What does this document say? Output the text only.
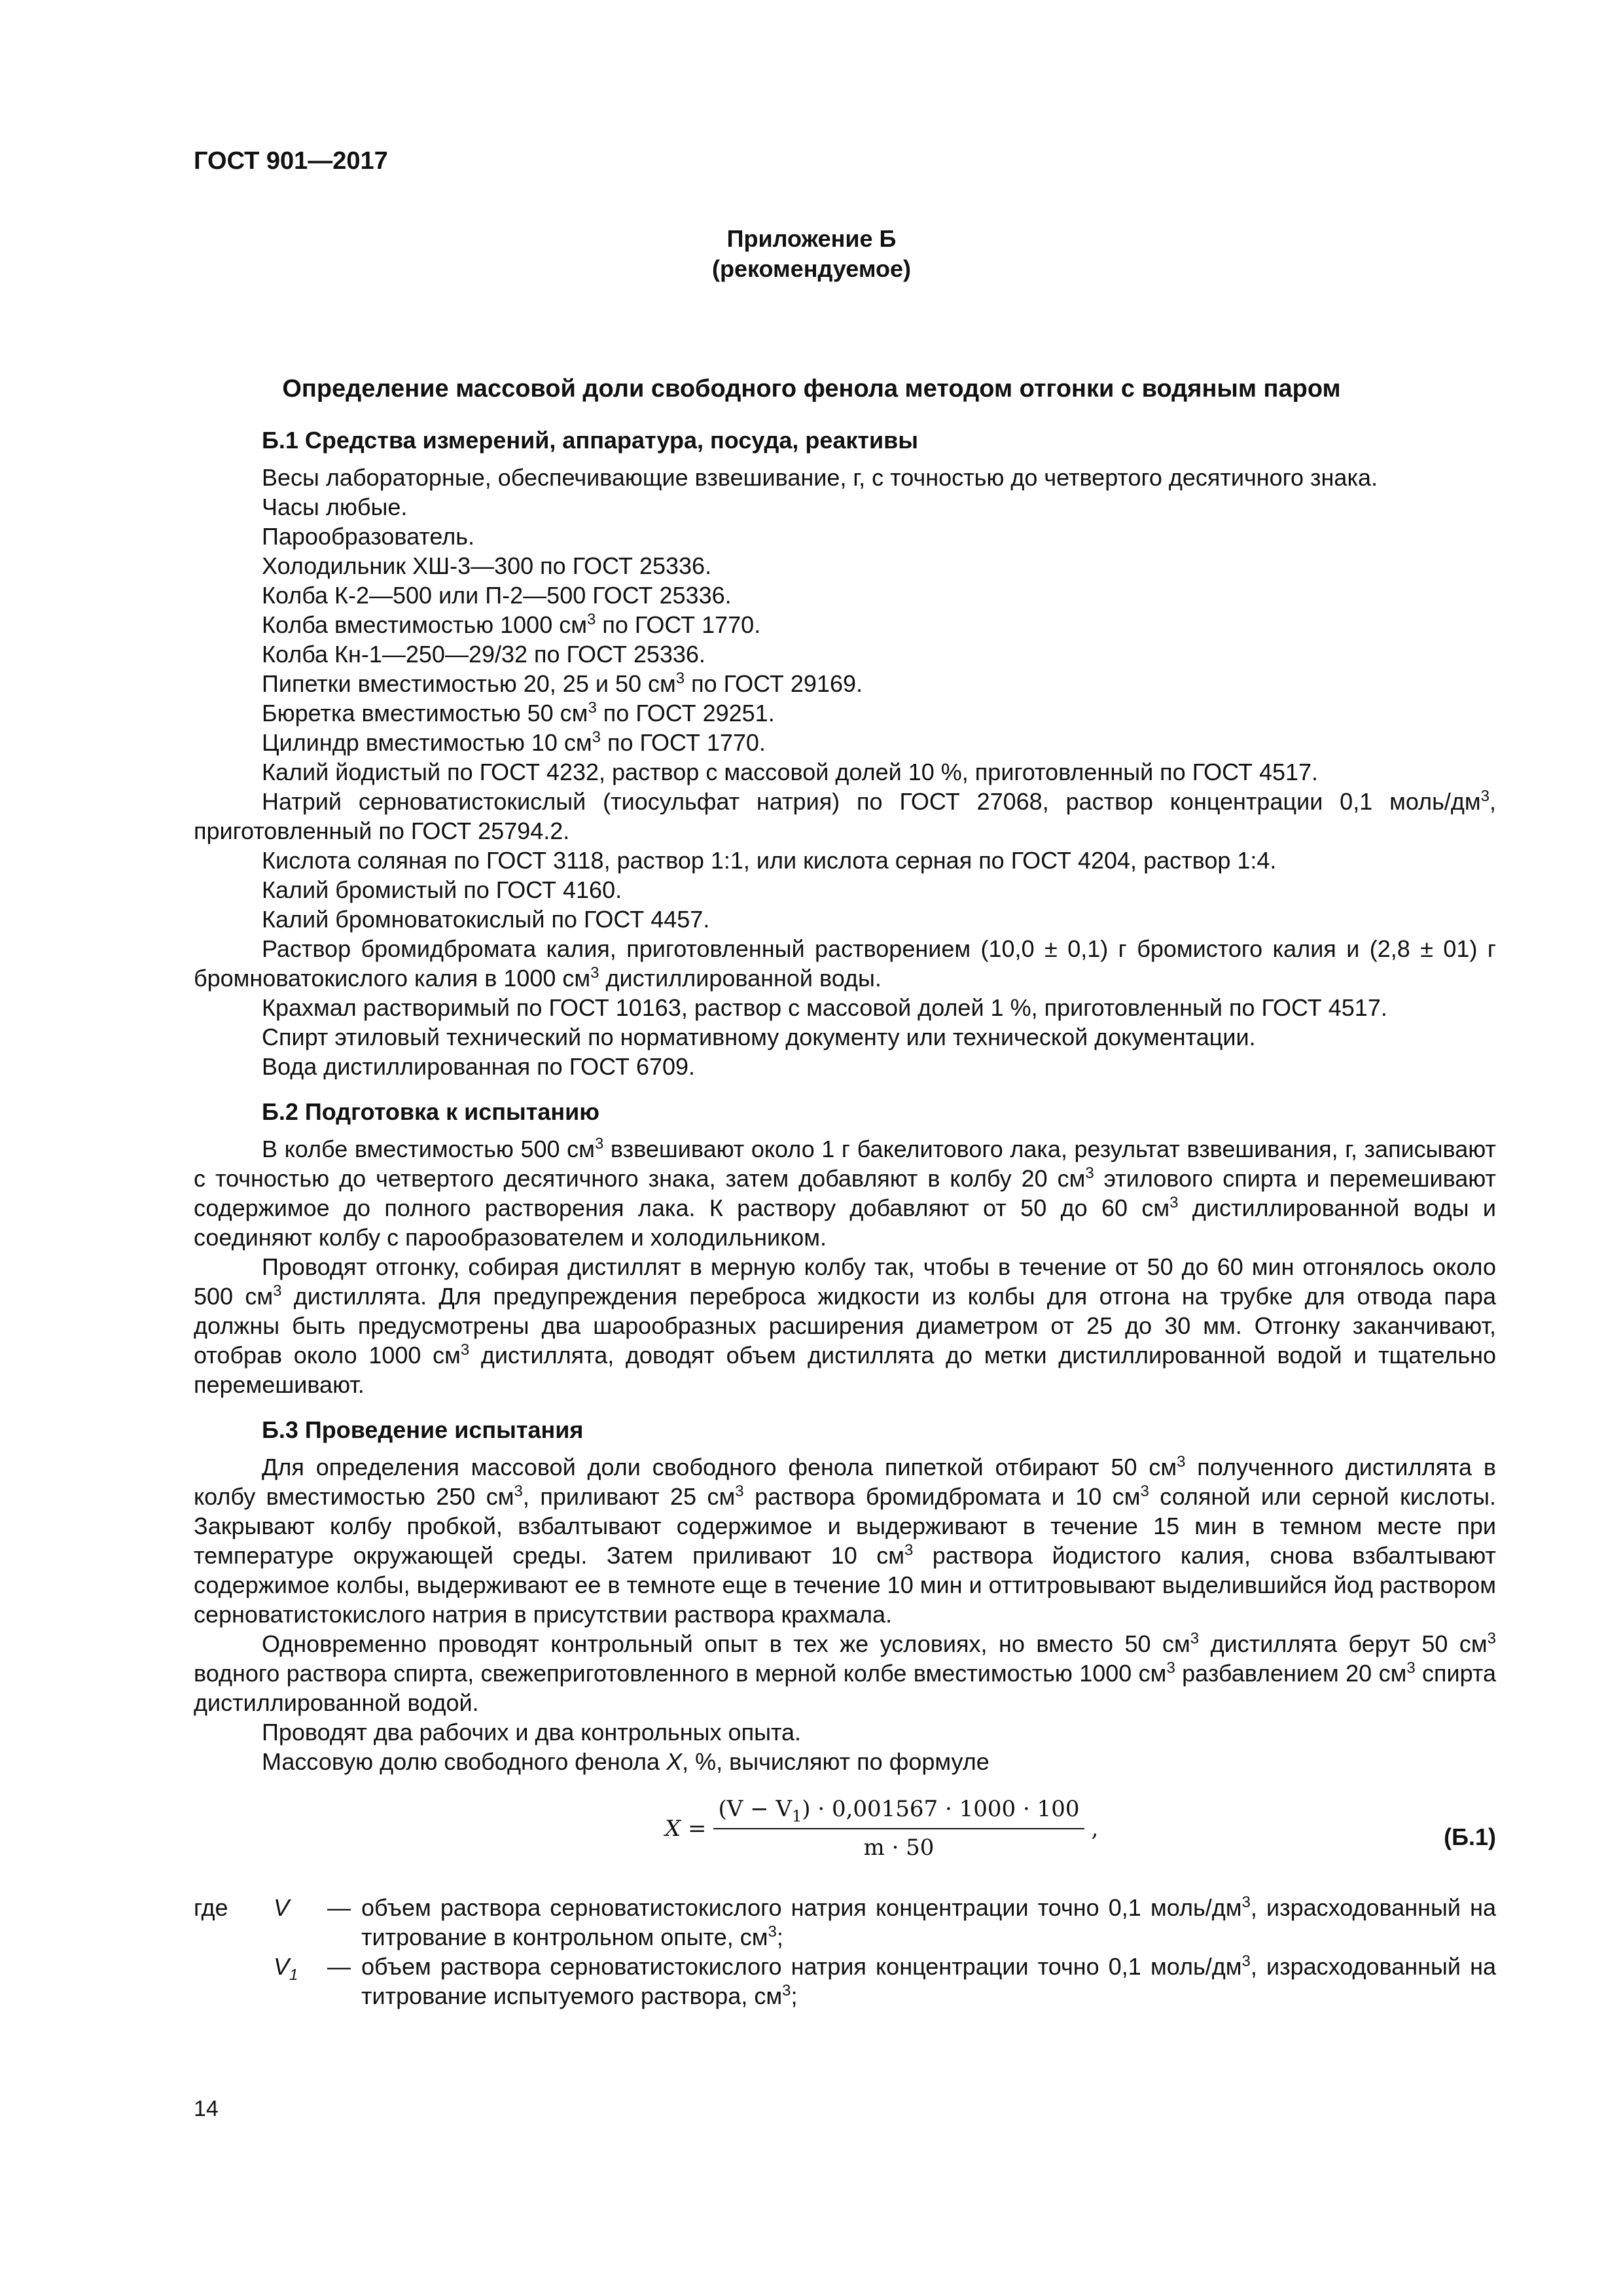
ГОСТ 901—2017
Приложение Б
(рекомендуемое)
Определение массовой доли свободного фенола методом отгонки с водяным паром
Б.1 Средства измерений, аппаратура, посуда, реактивы

Весы лабораторные, обеспечивающие взвешивание, г, с точностью до четвертого десятичного знака.

Часы любые.

Парообразователь.

Холодильник ХШ-3—300 по ГОСТ 25336.

Колба К-2—500 или П-2—500 ГОСТ 25336.

Колба вместимостью 1000 $см^3$ по ГОСТ 1770.

Колба Кн-1—250—29/32 по ГОСТ 25336.

Пипетки вместимостью 20, 25 и 50 $см^3$ по ГОСТ 29169.

Бюретка вместимостью 50 $см^3$ по ГОСТ 29251.

Цилиндр вместимостью 10 $см^3$ по ГОСТ 1770.

Калий йодистый по ГОСТ 4232, раствор с массовой долей 10 %, приготовленный по ГОСТ 4517.

Натрий серноватистокислый (тиосульфат натрия) по ГОСТ 27068, раствор концентрации 0,1 моль/$дм^3$, приготовленный по ГОСТ 25794.2.

Кислота соляная по ГОСТ 3118, раствор 1:1, или кислота серная по ГОСТ 4204, раствор 1:4.

Калий бромистый по ГОСТ 4160.

Калий бромноватокислый по ГОСТ 4457.

Раствор бромидброматa калия, приготовленный растворением (10,0 ± 0,1) г бромистого калия и (2,8 ± 01) г бромноватокислого калия в 1000 $см^3$ дистиллированной воды.

Крахмал растворимый по ГОСТ 10163, раствор с массовой долей 1 %, приготовленный по ГОСТ 4517.

Спирт этиловый технический по нормативному документу или технической документации.

Вода дистиллированная по ГОСТ 6709.

Б.2 Подготовка к испытанию

В колбе вместимостью 500 $см^3$ взвешивают около 1 г бакелитового лака, результат взвешивания, г, записывают с точностью до четвертого десятичного знака, затем добавляют в колбу 20 $см^3$ этилового спирта и перемешивают содержимое до полного растворения лака. К раствору добавляют от 50 до 60 $см^3$ дистиллированной воды и соединяют колбу с парообразователем и холодильником.

Проводят отгонку, собирая дистиллят в мерную колбу так, чтобы в течение от 50 до 60 мин отгонялось около 500 $см^3$ дистиллята. Для предупреждения переброса жидкости из колбы для отгона на трубке для отвода пара должны быть предусмотрены два шарообразных расширения диаметром от 25 до 30 мм. Отгонку заканчивают, отобрав около 1000 $см^3$ дистиллята, доводят объем дистиллята до метки дистиллированной водой и тщательно перемешивают.

Б.3 Проведение испытания

Для определения массовой доли свободного фенола пипеткой отбирают 50 $см^3$ полученного дистиллята в колбу вместимостью 250 $см^3$, приливают 25 $см^3$ раствора бромидбромата и 10 $см^3$ соляной или серной кислоты. Закрывают колбу пробкой, взбалтывают содержимое и выдерживают в течение 15 мин в темном месте при температуре окружающей среды. Затем приливают 10 $см^3$ раствора йодистого калия, снова взбалтывают содержимое колбы, выдерживают ее в темноте еще в течение 10 мин и оттитровывают выделившийся йод раствором серноватистокислого натрия в присутствии раствора крахмала.

Одновременно проводят контрольный опыт в тех же условиях, но вместо 50 $см^3$ дистиллята берут 50 $см^3$ водного раствора спирта, свежеприготовленного в мерной колбе вместимостью 1000 $см^3$ разбавлением 20 $см^3$ спирта дистиллированной водой.

Проводят два рабочих и два контрольных опыта.

Массовую долю свободного фенола X, %, вычисляют по формуле

$X = \frac{(V - V_1) \cdot 0,001567 \cdot 1000 \cdot 100}{m \cdot 50}$ ,	(Б.1)
где	V	— объем раствора серноватистокислого натрия концентрации точно 0,1 моль/$дм^3$, израсходованный на титрование в контрольном опыте, $см^3$;
$V_1$	— объем раствора серноватистокислого натрия концентрации точно 0,1 моль/$дм^3$, израсходованный на титрование испытуемого раствора, $см^3$;
14
